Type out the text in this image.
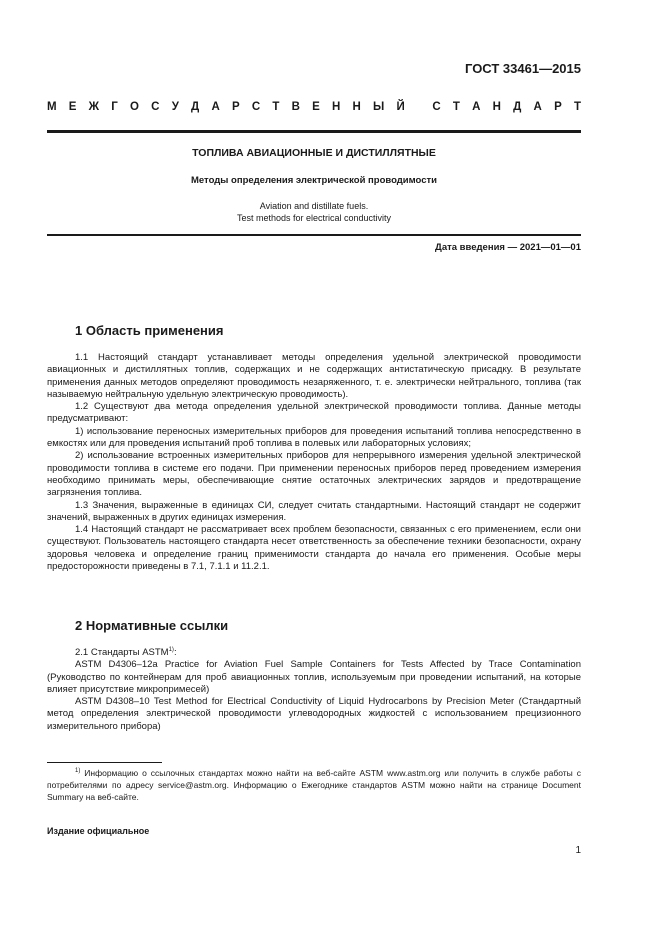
ГОСТ 33461—2015
М Е Ж Г О С У Д А Р С Т В Е Н Н Ы Й
С Т А Н Д А Р Т
ТОПЛИВА АВИАЦИОННЫЕ И ДИСТИЛЛЯТНЫЕ
Методы определения электрической проводимости
Aviation and distillate fuels.
Test methods for electrical conductivity
Дата введения — 2021—01—01
1 Область применения

1.1 Настоящий стандарт устанавливает методы определения удельной электрической проводимости авиационных и дистиллятных топлив, содержащих и не содержащих антистатическую присадку. В результате применения данных методов определяют проводимость незаряженного, т. е. электрически нейтрального, топлива (так называемую нейтральную удельную электрическую проводимость).

1.2 Существуют два метода определения удельной электрической проводимости топлива. Данные методы предусматривают:

1) использование переносных измерительных приборов для проведения испытаний топлива непосредственно в емкостях или для проведения испытаний проб топлива в полевых или лабораторных условиях;

2) использование встроенных измерительных приборов для непрерывного измерения удельной электрической проводимости топлива в системе его подачи. При применении переносных приборов перед проведением измерения необходимо принимать меры, обеспечивающие снятие остаточных электрических зарядов и предотвращение загрязнения топлива.

1.3 Значения, выраженные в единицах СИ, следует считать стандартными. Настоящий стандарт не содержит значений, выраженных в других единицах измерения.

1.4 Настоящий стандарт не рассматривает всех проблем безопасности, связанных с его применением, если они существуют. Пользователь настоящего стандарта несет ответственность за обеспечение техники безопасности, охрану здоровья человека и определение границ применимости стандарта до начала его применения. Особые меры предосторожности приведены в 7.1, 7.1.1 и 11.2.1.

2 Нормативные ссылки

2.1 Стандарты ASTM$^{1)}$:

ASTM D4306–12a Practice for Aviation Fuel Sample Containers for Tests Affected by Trace Contamination (Руководство по контейнерам для проб авиационных топлив, используемым при проведении испытаний, на которые влияет присутствие микропримесей)

ASTM D4308–10 Test Method for Electrical Conductivity of Liquid Hydrocarbons by Precision Meter (Стандартный метод определения электрической проводимости углеводородных жидкостей с использованием прецизионного измерительного прибора)

$^{1)}$ Информацию о ссылочных стандартах можно найти на веб-сайте ASTM www.astm.org или получить в службе работы с потребителями по адресу service@astm.org. Информацию о Ежегоднике стандартов ASTM можно найти на странице Document Summary на веб-сайте.

Издание официальное
1
